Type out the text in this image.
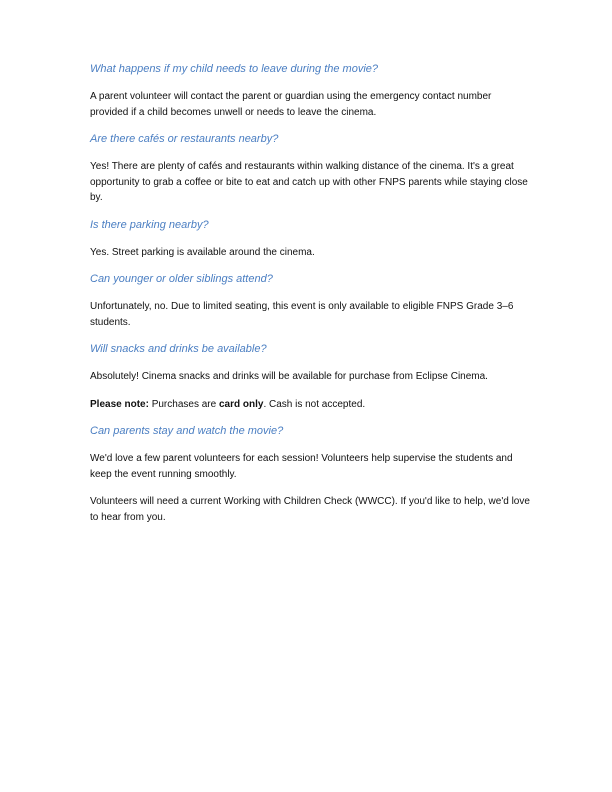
What happens if my child needs to leave during the movie?
A parent volunteer will contact the parent or guardian using the emergency contact number provided if a child becomes unwell or needs to leave the cinema.
Are there cafés or restaurants nearby?
Yes! There are plenty of cafés and restaurants within walking distance of the cinema. It's a great opportunity to grab a coffee or bite to eat and catch up with other FNPS parents while staying close by.
Is there parking nearby?
Yes. Street parking is available around the cinema.
Can younger or older siblings attend?
Unfortunately, no. Due to limited seating, this event is only available to eligible FNPS Grade 3–6 students.
Will snacks and drinks be available?
Absolutely! Cinema snacks and drinks will be available for purchase from Eclipse Cinema.
Please note: Purchases are card only. Cash is not accepted.
Can parents stay and watch the movie?
We'd love a few parent volunteers for each session! Volunteers help supervise the students and keep the event running smoothly.
Volunteers will need a current Working with Children Check (WWCC). If you'd like to help, we'd love to hear from you.
